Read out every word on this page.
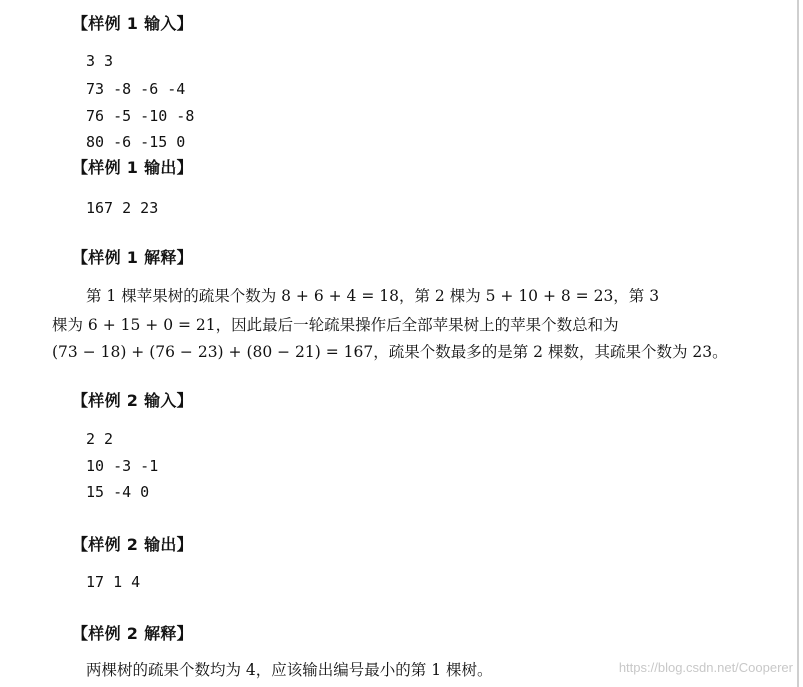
【样例 1 输入】
3 3
73 -8 -6 -4
76 -5 -10 -8
80 -6 -15 0
【样例 1 输出】
167 2 23
【样例 1 解释】
第 1 棵苹果树的疏果个数为 8 + 6 + 4 = 18，第 2 棵为 5 + 10 + 8 = 23，第 3
棵为 6 + 15 + 0 = 21，因此最后一轮疏果操作后全部苹果树上的苹果个数总和为
(73 − 18) + (76 − 23) + (80 − 21) = 167，疏果个数最多的是第 2 棵数，其疏果个数为 23。
【样例 2 输入】
2 2
10 -3 -1
15 -4 0
【样例 2 输出】
17 1 4
【样例 2 解释】
两棵树的疏果个数均为 4，应该输出编号最小的第 1 棵树。	https://blog.csdn.net/Cooperer
